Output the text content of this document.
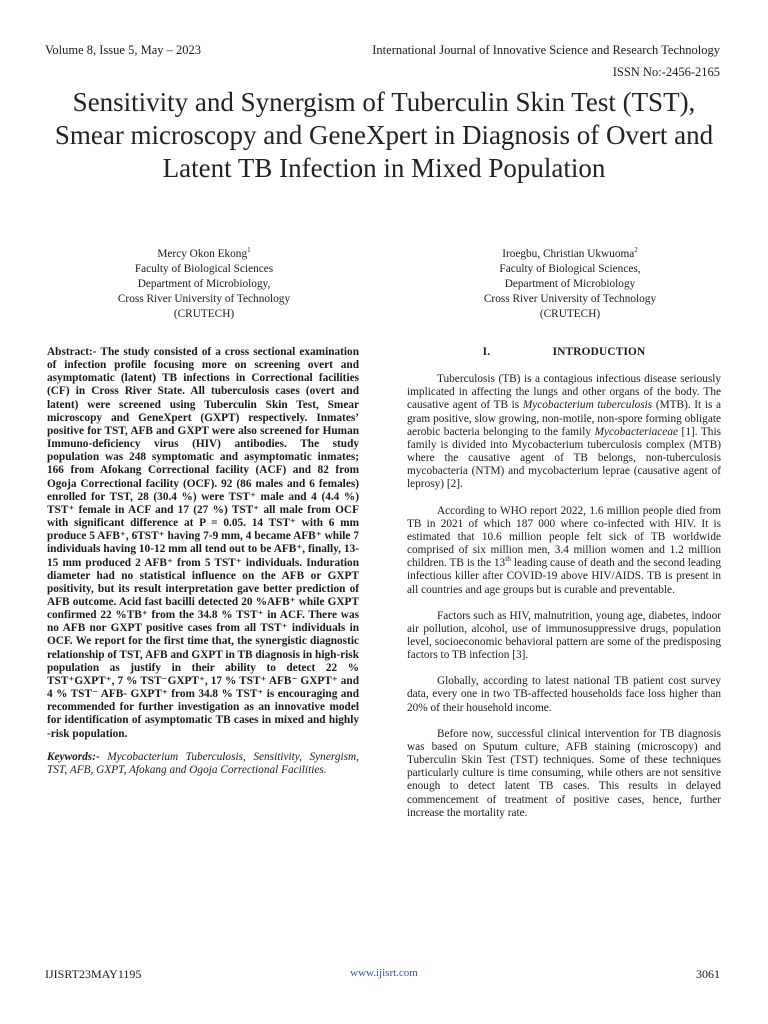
Volume 8, Issue 5, May – 2023	International Journal of Innovative Science and Research Technology
ISSN No:-2456-2165
Sensitivity and Synergism of Tuberculin Skin Test (TST), Smear microscopy and GeneXpert in Diagnosis of Overt and Latent TB Infection in Mixed Population
Mercy Okon Ekong$^1$
Faculty of Biological Sciences
Department of Microbiology,
Cross River University of Technology
(CRUTECH)
Iroegbu, Christian Ukwuoma$^2$
Faculty of Biological Sciences,
Department of Microbiology
Cross River University of Technology
(CRUTECH)

Abstract:- The study consisted of a cross sectional examination of infection profile focusing more on screening overt and asymptomatic (latent) TB infections in Correctional facilities (CF) in Cross River State. All tuberculosis cases (overt and latent) were screened using Tuberculin Skin Test, Smear microscopy and GeneXpert (GXPT) respectively. Inmates’ positive for TST, AFB and GXPT were also screened for Human Immuno-deficiency virus (HIV) antibodies. The study population was 248 symptomatic and asymptomatic inmates; 166 from Afokang Correctional facility (ACF) and 82 from Ogoja Correctional facility (OCF). 92 (86 males and 6 females) enrolled for TST, 28 (30.4 %) were TST⁺ male and 4 (4.4 %) TST⁺ female in ACF and 17 (27 %) TST⁺ all male from OCF with significant difference at P = 0.05. 14 TST⁺ with 6 mm produce 5 AFB⁺, 6TST⁺ having 7-9 mm, 4 became AFB⁺ while 7 individuals having 10-12 mm all tend out to be AFB⁺, finally, 13-15 mm produced 2 AFB⁺ from 5 TST⁺ individuals. Induration diameter had no statistical influence on the AFB or GXPT positivity, but its result interpretation gave better prediction of AFB outcome. Acid fast bacilli detected 20 %AFB⁺ while GXPT confirmed 22 %TB⁺ from the 34.8 % TST⁺ in ACF. There was no AFB nor GXPT positive cases from all TST⁺ individuals in OCF. We report for the first time that, the synergistic diagnostic relationship of TST, AFB and GXPT in TB diagnosis in high-risk population as justify in their ability to detect 22 % TST⁺GXPT⁺, 7 % TST⁻GXPT⁺, 17 % TST⁺ AFB⁻ GXPT⁺ and 4 % TST⁻ AFB- GXPT⁺ from 34.8 % TST⁺ is encouraging and recommended for further investigation as an innovative model for identification of asymptomatic TB cases in mixed and highly -risk population.

Keywords:- Mycobacterium Tuberculosis, Sensitivity, Synergism, TST, AFB, GXPT, Afokang and Ogoja Correctional Facilities.

I.	INTRODUCTION

Tuberculosis (TB) is a contagious infectious disease seriously implicated in affecting the lungs and other organs of the body. The causative agent of TB is Mycobacterium tuberculosis (MTB). It is a gram positive, slow growing, non-motile, non-spore forming obligate aerobic bacteria belonging to the family Mycobacteriaceae [1]. This family is divided into Mycobacterium tuberculosis complex (MTB) where the causative agent of TB belongs, non-tuberculosis mycobacteria (NTM) and mycobacterium leprae (causative agent of leprosy) [2].

According to WHO report 2022, 1.6 million people died from TB in 2021 of which 187 000 where co-infected with HIV. It is estimated that 10.6 million people felt sick of TB worldwide comprised of six million men, 3.4 million women and 1.2 million children. TB is the 13th leading cause of death and the second leading infectious killer after COVID-19 above HIV/AIDS. TB is present in all countries and age groups but is curable and preventable.

Factors such as HIV, malnutrition, young age, diabetes, indoor air pollution, alcohol, use of immunosuppressive drugs, population level, socioeconomic behavioral pattern are some of the predisposing factors to TB infection [3].

Globally, according to latest national TB patient cost survey data, every one in two TB-affected households face loss higher than 20% of their household income.

Before now, successful clinical intervention for TB diagnosis was based on Sputum culture, AFB staining (microscopy) and Tuberculin Skin Test (TST) techniques. Some of these techniques particularly culture is time consuming, while others are not sensitive enough to detect latent TB cases. This results in delayed commencement of treatment of positive cases, hence, further increase the mortality rate.

IJISRT23MAY1195	www.ijisrt.com	3061
